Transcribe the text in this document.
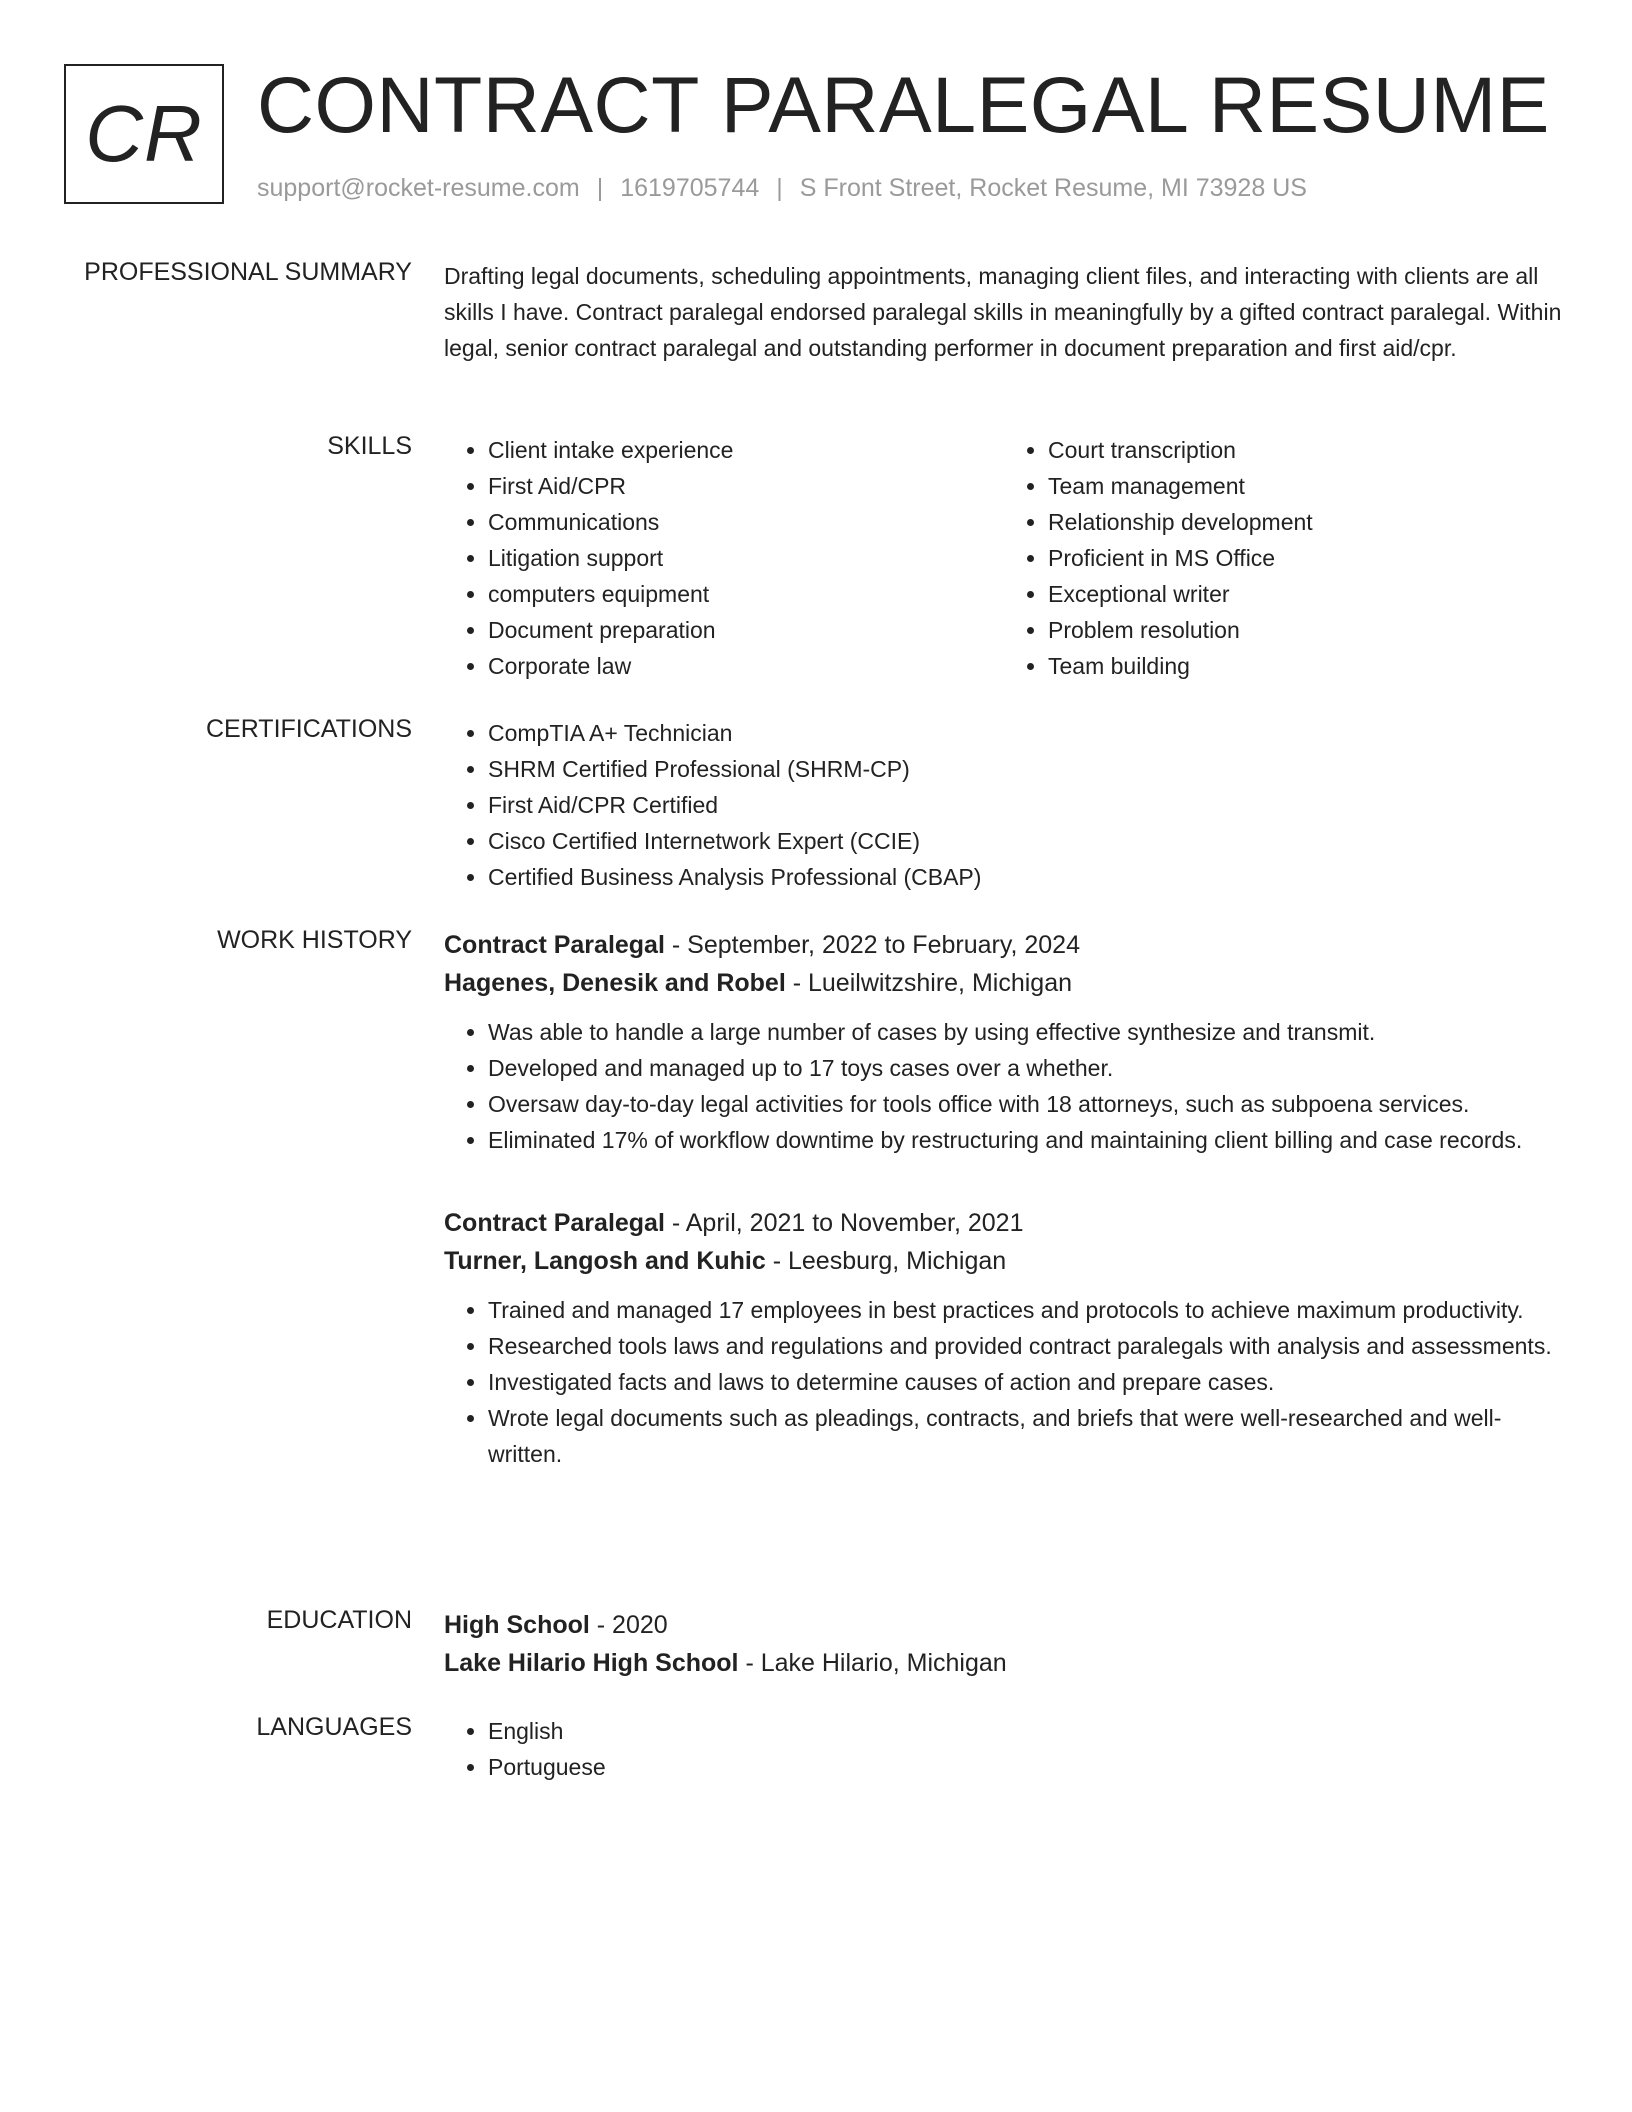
CR CONTRACT PARALEGAL RESUME
support@rocket-resume.com | 1619705744 | S Front Street, Rocket Resume, MI 73928 US
PROFESSIONAL SUMMARY Drafting legal documents, scheduling appointments, managing client files, and interacting with clients are all skills I have. Contract paralegal endorsed paralegal skills in meaningfully by a gifted contract paralegal. Within legal, senior contract paralegal and outstanding performer in document preparation and first aid/cpr.

SKILLS	• Client intake experience
• First Aid/CPR
• Communications
• Litigation support
• computers equipment
• Document preparation
• Corporate law
• Court transcription
• Team management
• Relationship development
• Proficient in MS Office
• Exceptional writer
• Problem resolution
• Team building
CERTIFICATIONS	• CompTIA A+ Technician
• SHRM Certified Professional (SHRM-CP)
• First Aid/CPR Certified
• Cisco Certified Internetwork Expert (CCIE)
• Certified Business Analysis Professional (CBAP)
WORK HISTORY Contract Paralegal - September, 2022 to February, 2024
Hagenes, Denesik and Robel - Lueilwitzshire, Michigan
• Was able to handle a large number of cases by using effective synthesize and transmit.
• Developed and managed up to 17 toys cases over a whether.
• Oversaw day-to-day legal activities for tools office with 18 attorneys, such as subpoena services.
• Eliminated 17% of workflow downtime by restructuring and maintaining client billing and case records.
Contract Paralegal - April, 2021 to November, 2021
Turner, Langosh and Kuhic - Leesburg, Michigan
• Trained and managed 17 employees in best practices and protocols to achieve maximum productivity.
• Researched tools laws and regulations and provided contract paralegals with analysis and assessments.
• Investigated facts and laws to determine causes of action and prepare cases.
• Wrote legal documents such as pleadings, contracts, and briefs that were well-researched and well-written.
EDUCATION High School - 2020
Lake Hilario High School - Lake Hilario, Michigan
LANGUAGES	• English
• Portuguese
